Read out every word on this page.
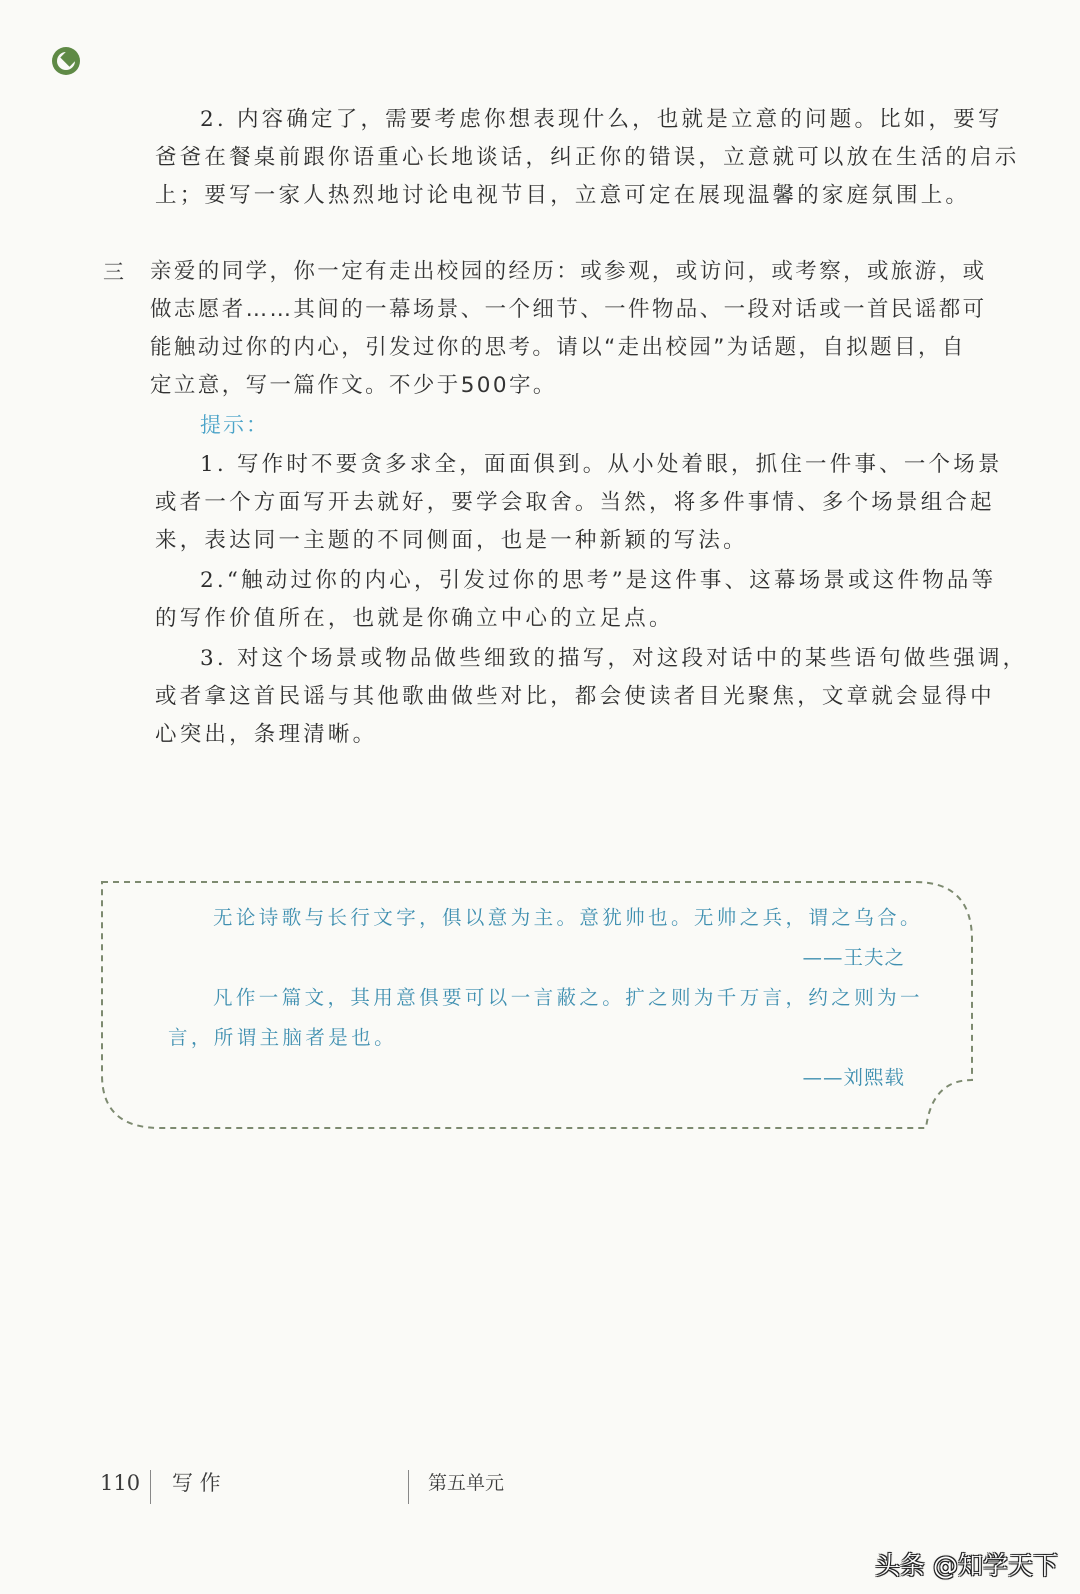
2. 内容确定了，需要考虑你想表现什么，也就是立意的问题。比如，要写
爸爸在餐桌前跟你语重心长地谈话，纠正你的错误，立意就可以放在生活的启示
上；要写一家人热烈地讨论电视节目，立意可定在展现温馨的家庭氛围上。
三 亲爱的同学，你一定有走出校园的经历：或参观，或访问，或考察，或旅游，或
做志愿者……其间的一幕场景、一个细节、一件物品、一段对话或一首民谣都可
能触动过你的内心，引发过你的思考。请以“走出校园”为话题，自拟题目，自
定立意，写一篇作文。不少于500字。
提示：
1. 写作时不要贪多求全，面面俱到。从小处着眼，抓住一件事、一个场景
或者一个方面写开去就好，要学会取舍。当然，将多件事情、多个场景组合起
来，表达同一主题的不同侧面，也是一种新颖的写法。
2.“触动过你的内心，引发过你的思考”是这件事、这幕场景或这件物品等
的写作价值所在，也就是你确立中心的立足点。
3. 对这个场景或物品做些细致的描写，对这段对话中的某些语句做些强调，
或者拿这首民谣与其他歌曲做些对比，都会使读者目光聚焦，文章就会显得中
心突出，条理清晰。
无论诗歌与长行文字，俱以意为主。意犹帅也。无帅之兵，谓之乌合。
——王夫之
凡作一篇文，其用意俱要可以一言蔽之。扩之则为千万言，约之则为一
言，所谓主脑者是也。
——刘熙载
110 写 作	第五单元
头条 @知学天下
